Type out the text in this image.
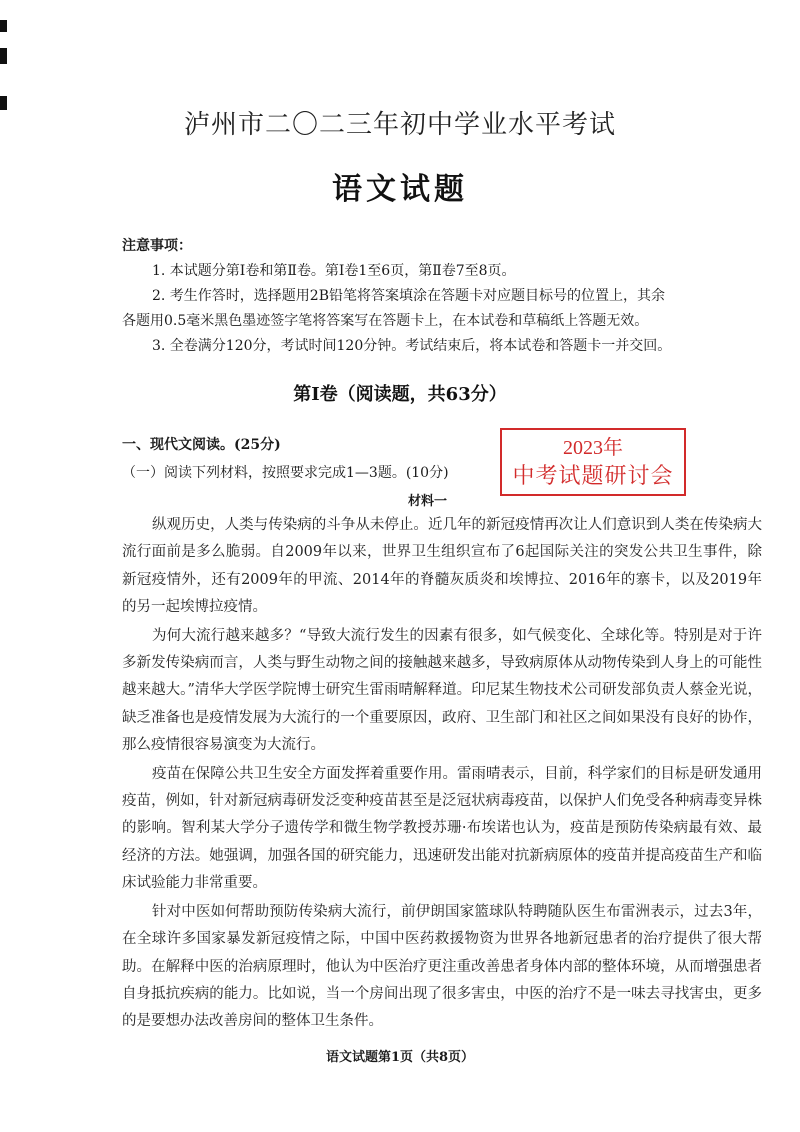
泸州市二〇二三年初中学业水平考试
语文试题

注意事项：

1. 本试题分第Ⅰ卷和第Ⅱ卷。第Ⅰ卷1至6页，第Ⅱ卷7至8页。

2. 考生作答时，选择题用2B铅笔将答案填涂在答题卡对应题目标号的位置上，其余

各题用0.5毫米黑色墨迹签字笔将答案写在答题卡上，在本试卷和草稿纸上答题无效。

3. 全卷满分120分，考试时间120分钟。考试结束后，将本试卷和答题卡一并交回。

第Ⅰ卷（阅读题，共63分）
一、现代文阅读。(25分)
（一）阅读下列材料，按照要求完成1—3题。(10分)
材料一
2023年
中考试题研讨会

纵观历史，人类与传染病的斗争从未停止。近几年的新冠疫情再次让人们意识到人类在传染病大流行面前是多么脆弱。自2009年以来，世界卫生组织宣布了6起国际关注的突发公共卫生事件，除新冠疫情外，还有2009年的甲流、2014年的脊髓灰质炎和埃博拉、2016年的寨卡，以及2019年的另一起埃博拉疫情。

为何大流行越来越多？“导致大流行发生的因素有很多，如气候变化、全球化等。特别是对于许多新发传染病而言，人类与野生动物之间的接触越来越多，导致病原体从动物传染到人身上的可能性越来越大。”清华大学医学院博士研究生雷雨晴解释道。印尼某生物技术公司研发部负责人蔡金光说，缺乏准备也是疫情发展为大流行的一个重要原因，政府、卫生部门和社区之间如果没有良好的协作，那么疫情很容易演变为大流行。

疫苗在保障公共卫生安全方面发挥着重要作用。雷雨晴表示，目前，科学家们的目标是研发通用疫苗，例如，针对新冠病毒研发泛变种疫苗甚至是泛冠状病毒疫苗，以保护人们免受各种病毒变异株的影响。智利某大学分子遗传学和微生物学教授苏珊·布埃诺也认为，疫苗是预防传染病最有效、最经济的方法。她强调，加强各国的研究能力，迅速研发出能对抗新病原体的疫苗并提高疫苗生产和临床试验能力非常重要。

针对中医如何帮助预防传染病大流行，前伊朗国家篮球队特聘随队医生布雷洲表示，过去3年，在全球许多国家暴发新冠疫情之际，中国中医药救援物资为世界各地新冠患者的治疗提供了很大帮助。在解释中医的治病原理时，他认为中医治疗更注重改善患者身体内部的整体环境，从而增强患者自身抵抗疾病的能力。比如说，当一个房间出现了很多害虫，中医的治疗不是一味去寻找害虫，更多的是要想办法改善房间的整体卫生条件。

语文试题第1页（共8页）
